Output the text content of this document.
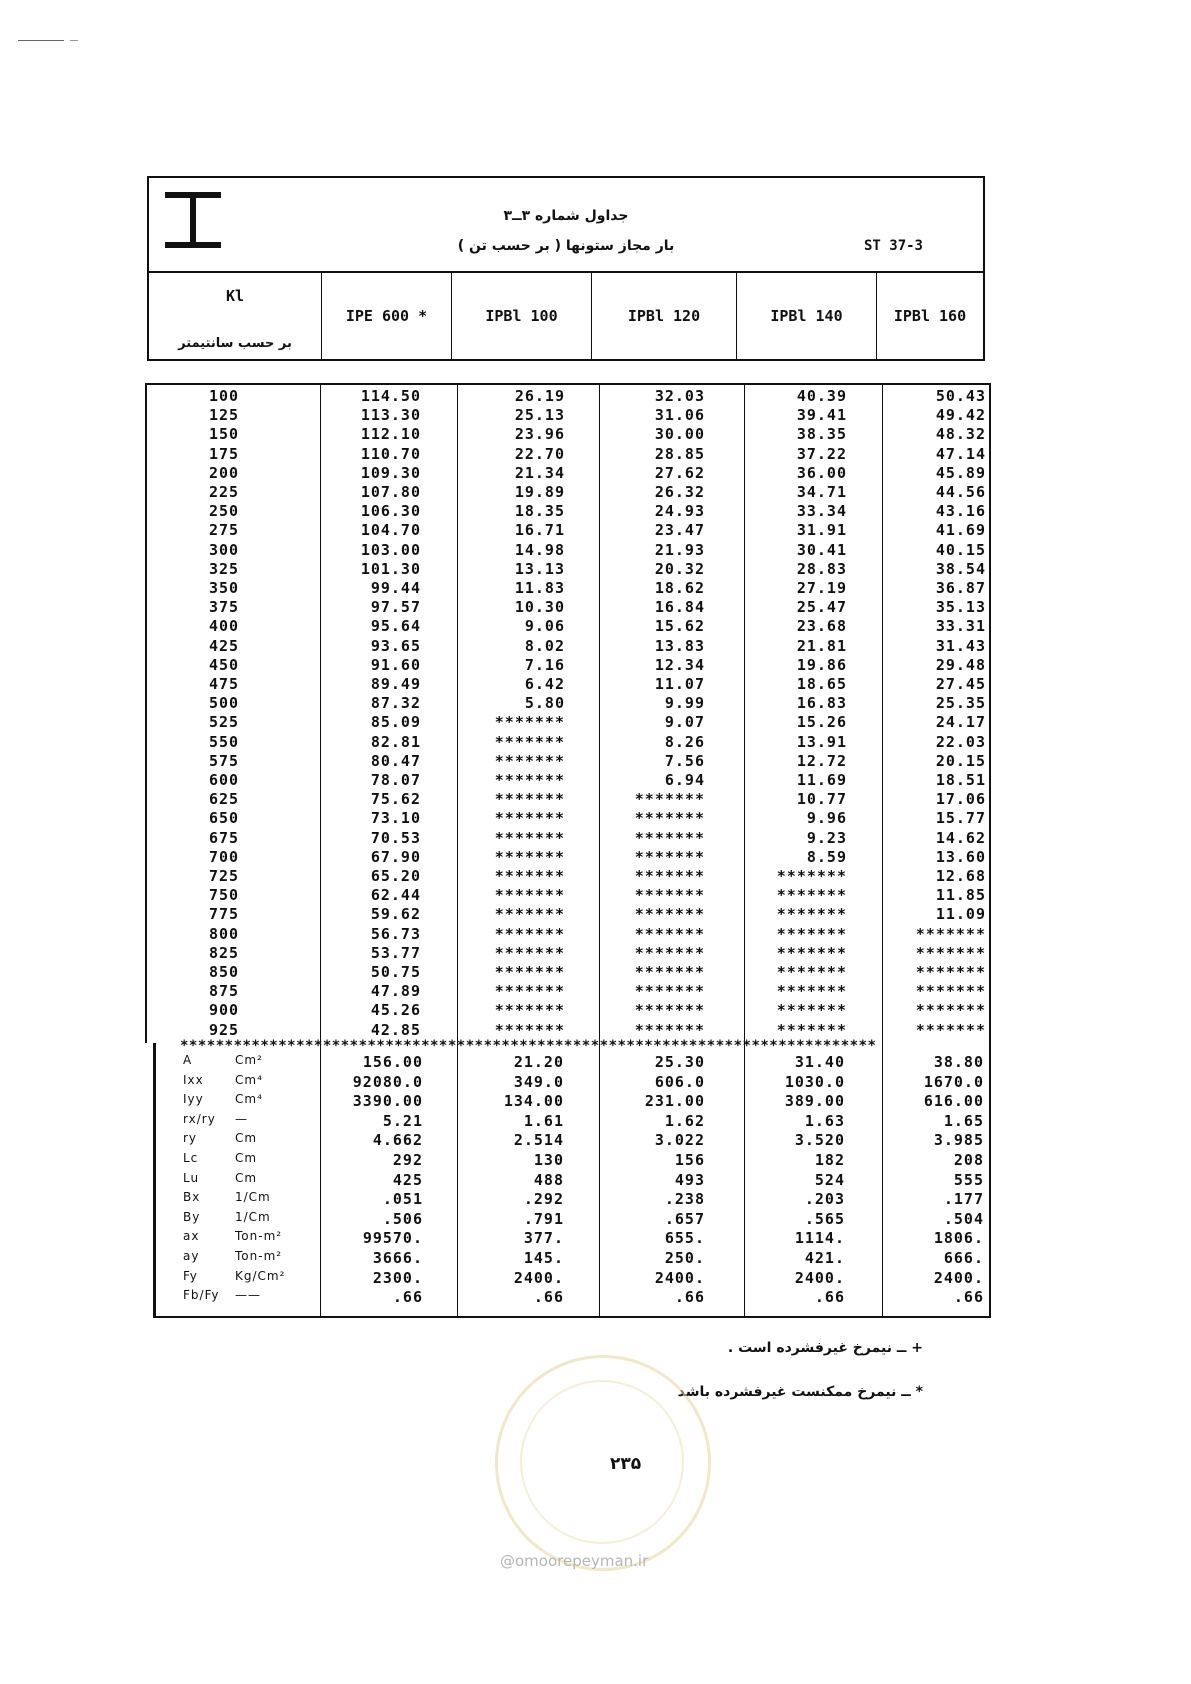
جداول شماره ۳ــ۳
بار مجاز ستونها ( بر حسب تن )	ST 37-3
Kl
بر حسب سانتیمتر
IPE 600 *	IPBl 100	IPBl 120	IPBl 140	IPBl 160
100	114.50	26.19	32.03	40.39	50.43
125	113.30	25.13	31.06	39.41	49.42
150	112.10	23.96	30.00	38.35	48.32
175	110.70	22.70	28.85	37.22	47.14
200	109.30	21.34	27.62	36.00	45.89
225	107.80	19.89	26.32	34.71	44.56
250	106.30	18.35	24.93	33.34	43.16
275	104.70	16.71	23.47	31.91	41.69
300	103.00	14.98	21.93	30.41	40.15
325	101.30	13.13	20.32	28.83	38.54
350	99.44	11.83	18.62	27.19	36.87
375	97.57	10.30	16.84	25.47	35.13
400	95.64	9.06	15.62	23.68	33.31
425	93.65	8.02	13.83	21.81	31.43
450	91.60	7.16	12.34	19.86	29.48
475	89.49	6.42	11.07	18.65	27.45
500	87.32	5.80	9.99	16.83	25.35
525	85.09	*******	9.07	15.26	24.17
550	82.81	*******	8.26	13.91	22.03
575	80.47	*******	7.56	12.72	20.15
600	78.07	*******	6.94	11.69	18.51
625	75.62	*******	*******	10.77	17.06
650	73.10	*******	*******	9.96	15.77
675	70.53	*******	*******	9.23	14.62
700	67.90	*******	*******	8.59	13.60
725	65.20	*******	*******	*******	12.68
750	62.44	*******	*******	*******	11.85
775	59.62	*******	*******	*******	11.09
800	56.73	*******	*******	*******	*******
825	53.77	*******	*******	*******	*******
850	50.75	*******	*******	*******	*******
875	47.89	*******	*******	*******	*******
900	45.26	*******	*******	*******	*******
925	42.85	*******	*******	*******	*******
******************************************************************************
A	Cm²	156.00	21.20	25.30	31.40	38.80
Ixx	Cm⁴	92080.0	349.0	606.0	1030.0	1670.0
Iyy	Cm⁴	3390.00	134.00	231.00	389.00	616.00
rx/ry	—	5.21	1.61	1.62	1.63	1.65
ry	Cm	4.662	2.514	3.022	3.520	3.985
Lc	Cm	292	130	156	182	208
Lu	Cm	425	488	493	524	555
Bx	1/Cm	.051	.292	.238	.203	.177
By	1/Cm	.506	.791	.657	.565	.504
ax	Ton-m²	99570.	377.	655.	1114.	1806.
ay	Ton-m²	3666.	145.	250.	421.	666.
Fy	Kg/Cm²	2300.	2400.	2400.	2400.	2400.
Fb/Fy ——	.66	.66	.66	.66	.66
+ ــ نیمرخ غیرفشرده است .
* ــ نیمرخ ممکنست غیرفشرده باشد
۲۳۵
@omoorepeyman.ir
